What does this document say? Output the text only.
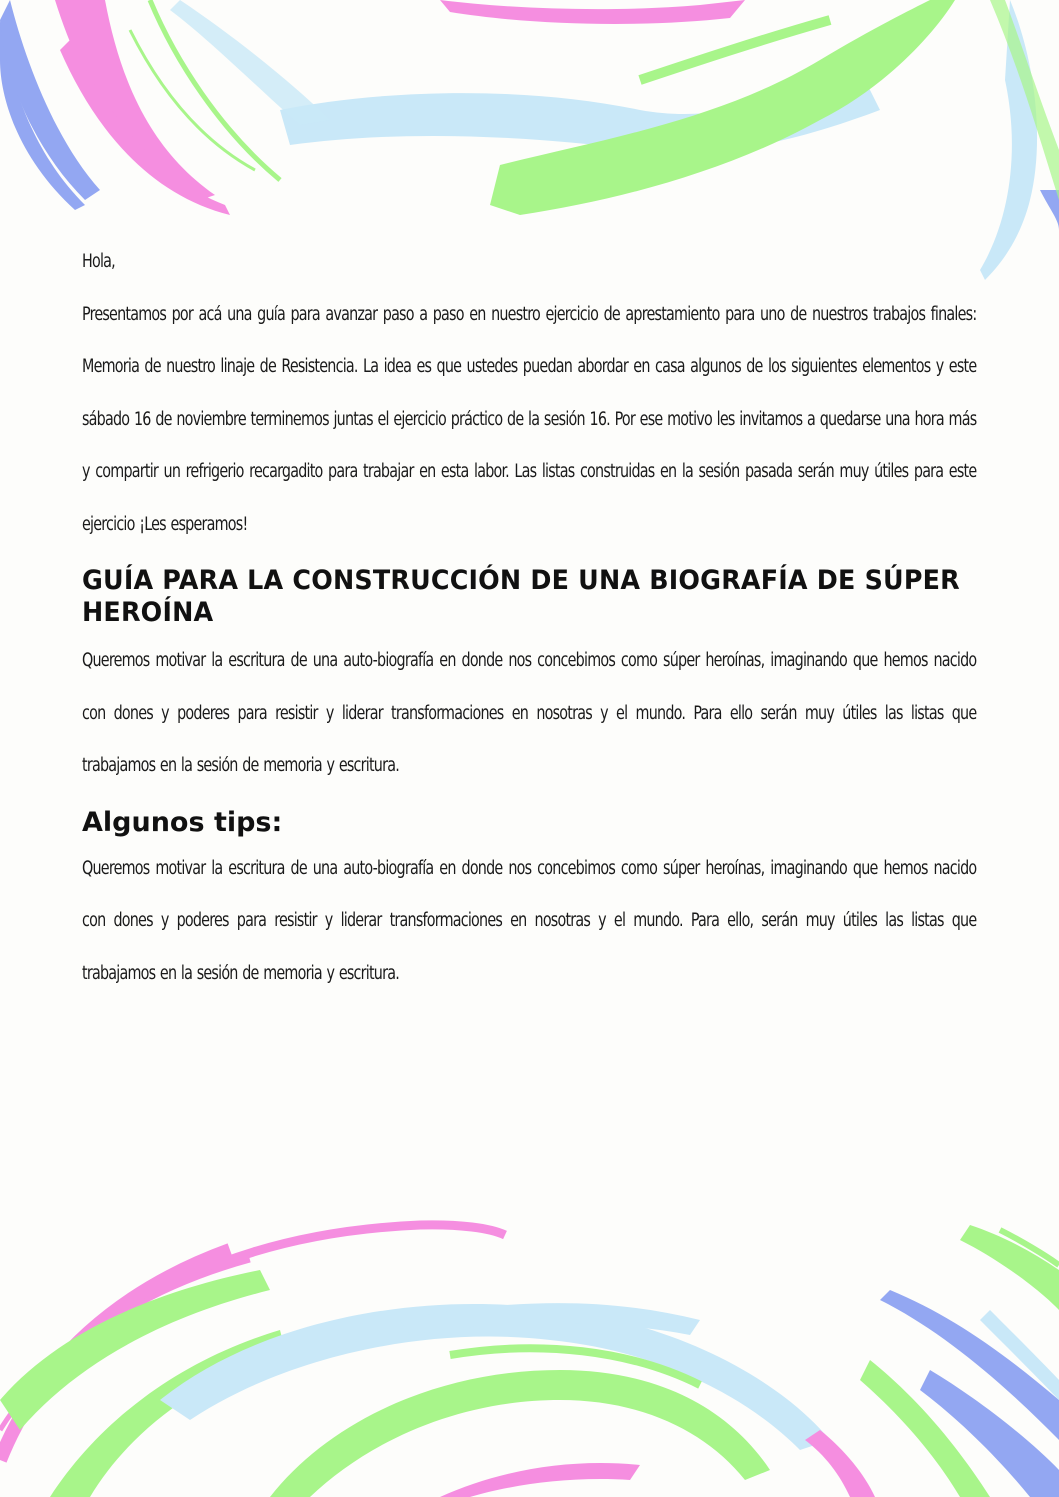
Hola,

Presentamos por acá una guía para avanzar paso a paso en nuestro ejercicio de aprestamiento para uno de nuestros trabajos finales: Memoria de nuestro linaje de Resistencia. La idea es que ustedes puedan abordar en casa algunos de los siguientes elementos y este sábado 16 de noviembre terminemos juntas el ejercicio práctico de la sesión 16. Por ese motivo les invitamos a quedarse una hora más y compartir un refrigerio recargadito para trabajar en esta labor. Las listas construidas en la sesión pasada serán muy útiles para este ejercicio ¡Les esperamos!

GUÍA PARA LA CONSTRUCCIÓN DE UNA BIOGRAFÍA DE SÚPER HEROÍNA

Queremos motivar la escritura de una auto-biografía en donde nos concebimos como súper heroínas, imaginando que hemos nacido con dones y poderes para resistir y liderar transformaciones en nosotras y el mundo. Para ello serán muy útiles las listas que trabajamos en la sesión de memoria y escritura.

Algunos tips:

Queremos motivar la escritura de una auto-biografía en donde nos concebimos como súper heroínas, imaginando que hemos nacido con dones y poderes para resistir y liderar transformaciones en nosotras y el mundo. Para ello, serán muy útiles las listas que trabajamos en la sesión de memoria y escritura.
